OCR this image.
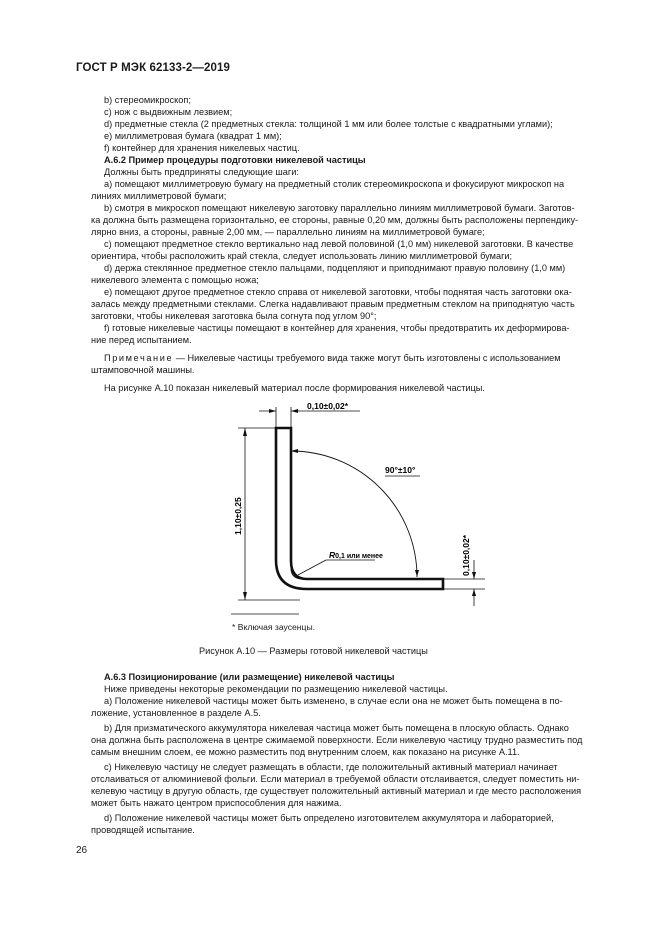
ГОСТ Р МЭК 62133-2—2019
b) стереомикроскоп;
c) нож с выдвижным лезвием;
d) предметные стекла (2 предметных стекла: толщиной 1 мм или более толстые с квадратными углами);
e) миллиметровая бумага (квадрат 1 мм);
f) контейнер для хранения никелевых частиц.
A.6.2 Пример процедуры подготовки никелевой частицы
Должны быть предприняты следующие шаги:
a) помещают миллиметровую бумагу на предметный столик стереомикроскопа и фокусируют микроскоп на
линиях миллиметровой бумаги;
b) смотря в микроскоп помещают никелевую заготовку параллельно линиям миллиметровой бумаги. Заготов-
ка должна быть размещена горизонтально, ее стороны, равные 0,20 мм, должны быть расположены перпендику-
лярно вниз, а стороны, равные 2,00 мм, — параллельно линиям на миллиметровой бумаге;
c) помещают предметное стекло вертикально над левой половиной (1,0 мм) никелевой заготовки. В качестве
ориентира, чтобы расположить край стекла, следует использовать линию миллиметровой бумаги;
d) держа стеклянное предметное стекло пальцами, подцепляют и приподнимают правую половину (1,0 мм)
никелевого элемента с помощью ножа;
e) помещают другое предметное стекло справа от никелевой заготовки, чтобы поднятая часть заготовки ока-
залась между предметными стеклами. Слегка надавливают правым предметным стеклом на приподнятую часть
заготовки, чтобы никелевая заготовка была согнута под углом 90°;
f) готовые никелевые частицы помещают в контейнер для хранения, чтобы предотвратить их деформирова-
ние перед испытанием.
Примечание — Никелевые частицы требуемого вида также могут быть изготовлены с использованием
штамповочной машины.
На рисунке А.10 показан никелевый материал после формирования никелевой частицы.
0,10±0,02*
1,10±0,25
90°±10°
R0,1 или менее	0,10±0,02*
* Включая заусенцы.
Рисунок А.10 — Размеры готовой никелевой частицы
A.6.3 Позиционирование (или размещение) никелевой частицы
Ниже приведены некоторые рекомендации по размещению никелевой частицы.
a) Положение никелевой частицы может быть изменено, в случае если она не может быть помещена в по-
ложение, установленное в разделе А.5.
b) Для призматического аккумулятора никелевая частица может быть помещена в плоскую область. Однако
она должна быть расположена в центре сжимаемой поверхности. Если никелевую частицу трудно разместить под
самым внешним слоем, ее можно разместить под внутренним слоем, как показано на рисунке А.11.
c) Никелевую частицу не следует размещать в области, где положительный активный материал начинает
отслаиваться от алюминиевой фольги. Если материал в требуемой области отслаивается, следует поместить ни-
келевую частицу в другую область, где существует положительный активный материал и где место расположения
может быть нажато центром приспособления для нажима.
d) Положение никелевой частицы может быть определено изготовителем аккумулятора и лабораторией,
проводящей испытание.
26
